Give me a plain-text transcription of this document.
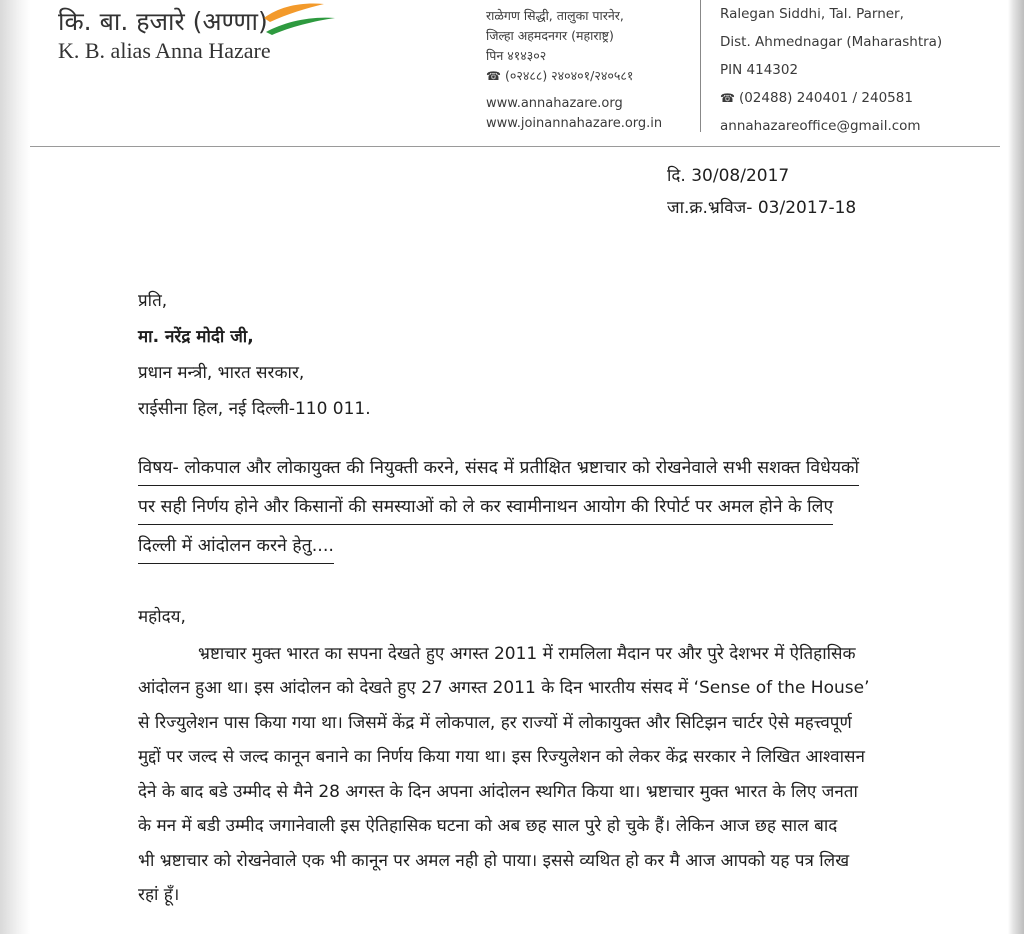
कि. बा. हजारे (अण्णा)
K. B. alias Anna Hazare
राळेगण सिद्धी, तालुका पारनेर,
जिल्हा अहमदनगर (महाराष्ट्र)
पिन ४१४३०२
☎ (०२४८८) २४०४०१/२४०५८१
www.annahazare.org
www.joinannahazare.org.in
Ralegan Siddhi, Tal. Parner,
Dist. Ahmednagar (Maharashtra)
PIN 414302
☎ (02488) 240401 / 240581
annahazareoffice@gmail.com
दि. 30/08/2017
जा.क्र.भ्रविज- 03/2017-18
प्रति,
मा. नरेंद्र मोदी जी,
प्रधान मन्त्री, भारत सरकार,
राईसीना हिल, नई दिल्ली-110 011.
विषय- लोकपाल और लोकायुक्त की नियुक्ती करने, संसद में प्रतीक्षित भ्रष्टाचार को रोखनेवाले सभी सशक्त विधेयकों
पर सही निर्णय होने और किसानों की समस्याओं को ले कर स्वामीनाथन आयोग की रिपोर्ट पर अमल होने के लिए
दिल्ली में आंदोलन करने हेतु....
महोदय,
भ्रष्टाचार मुक्त भारत का सपना देखते हुए अगस्त 2011 में रामलिला मैदान पर और पुरे देशभर में ऐतिहासिक
आंदोलन हुआ था। इस आंदोलन को देखते हुए 27 अगस्त 2011 के दिन भारतीय संसद में ‘Sense of the House’
से रिज्युलेशन पास किया गया था। जिसमें केंद्र में लोकपाल, हर राज्यों में लोकायुक्त और सिटिझन चार्टर ऐसे महत्त्वपूर्ण
मुद्दों पर जल्द से जल्द कानून बनाने का निर्णय किया गया था। इस रिज्युलेशन को लेकर केंद्र सरकार ने लिखित आश्वासन
देने के बाद बडे उम्मीद से मैने 28 अगस्त के दिन अपना आंदोलन स्थगित किया था। भ्रष्टाचार मुक्त भारत के लिए जनता
के मन में बडी उम्मीद जगानेवाली इस ऐतिहासिक घटना को अब छह साल पुरे हो चुके हैं। लेकिन आज छह साल बाद
भी भ्रष्टाचार को रोखनेवाले एक भी कानून पर अमल नही हो पाया। इससे व्यथित हो कर मै आज आपको यह पत्र लिख
रहां हूँ।
